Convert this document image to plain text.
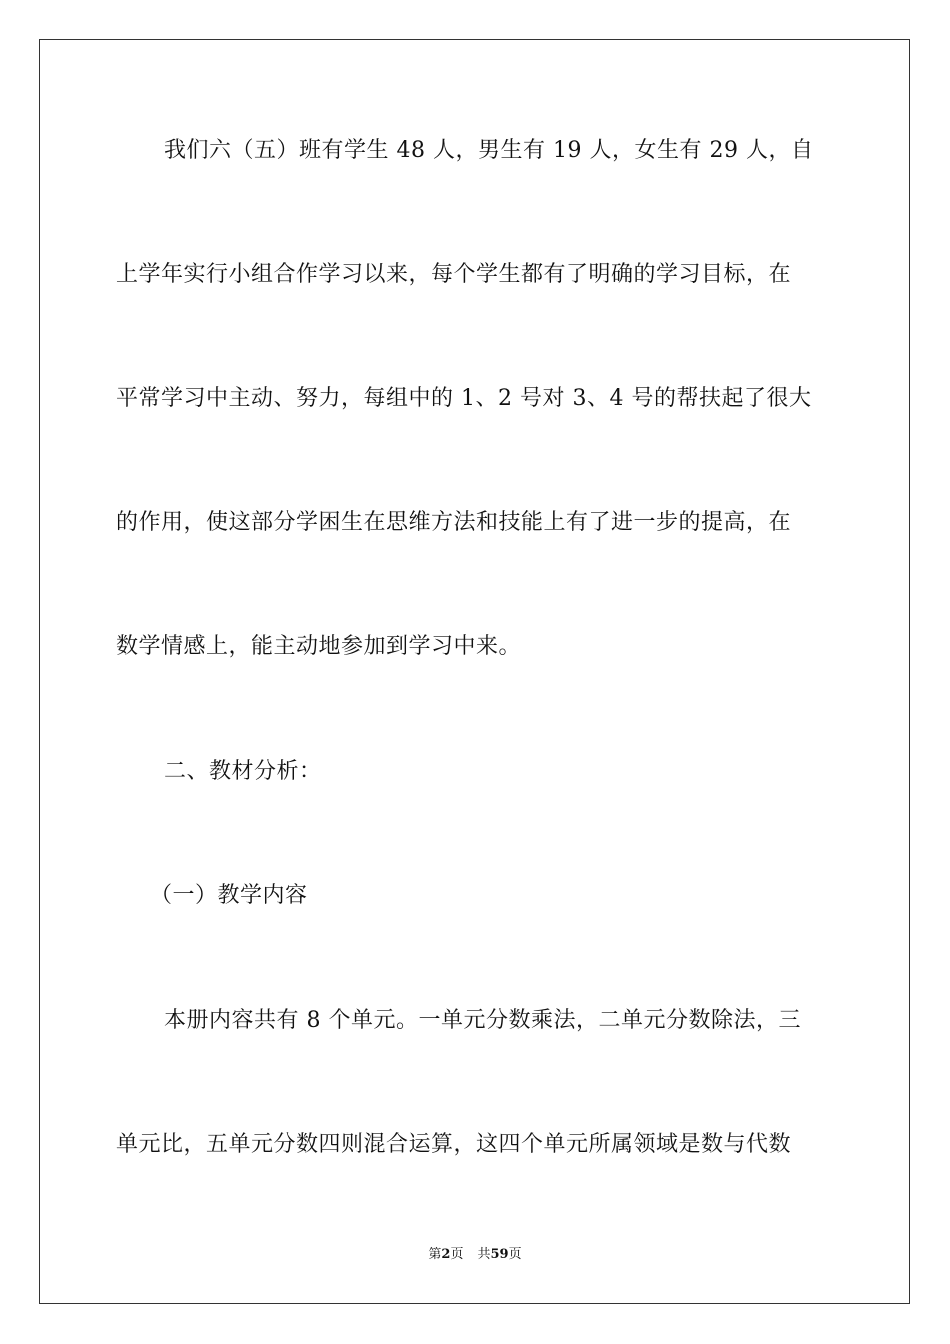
我们六（五）班有学生 48 人，男生有 19 人，女生有 29 人，自
上学年实行小组合作学习以来，每个学生都有了明确的学习目标，在
平常学习中主动、努力，每组中的 1、2 号对 3、4 号的帮扶起了很大
的作用，使这部分学困生在思维方法和技能上有了进一步的提高，在
数学情感上，能主动地参加到学习中来。
二、教材分析：
（一）教学内容
本册内容共有 8 个单元。一单元分数乘法，二单元分数除法，三
单元比，五单元分数四则混合运算，这四个单元所属领域是数与代数
第2页 共59页
